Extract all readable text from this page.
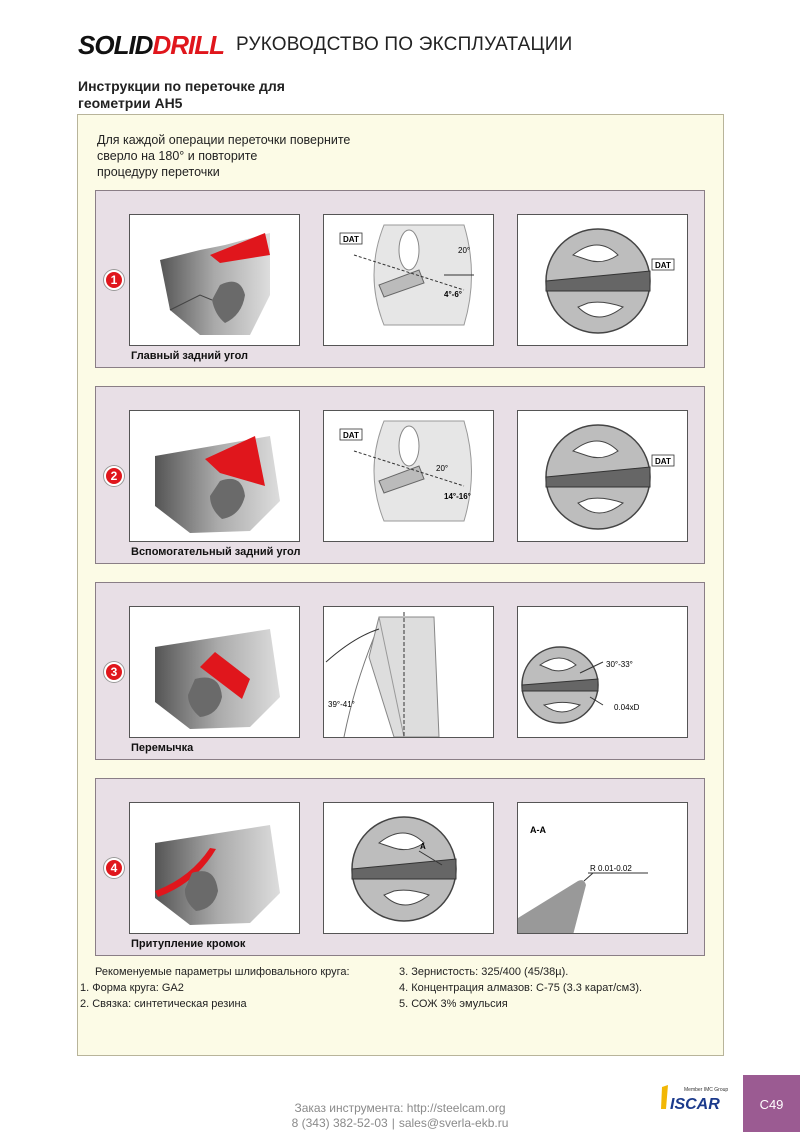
SOLIDDRILL РУКОВОДСТВО ПО ЭКСПЛУАТАЦИИ
Инструкции по переточке для
геометрии AH5
Для каждой операции переточки поверните
сверло на 180° и повторите
процедуру переточки
1
DAT
20°
4°-6°
DAT
Главный задний угол
2
DAT
20°
14°-16°
DAT
Вспомогательный задний угол
3
39°-41°
30°-33°
0.04xD
Перемычка
4
A
A-A
R 0.01-0.02
Притупление кромок
Рекоменуемые параметры шлифовального круга:
1. Форма круга: GA2
2. Связка: синтетическая резина
3. Зернистость: 325/400 (45/38µ).
4. Концентрация алмазов: C-75 (3.3 карат/см3).
5. СОЖ 3% эмульсия
Member IMC Group
ISCAR	C49
Заказ инструмента: http://steelcam.org
8 (343) 382-52-03 | sales@sverla-ekb.ru
